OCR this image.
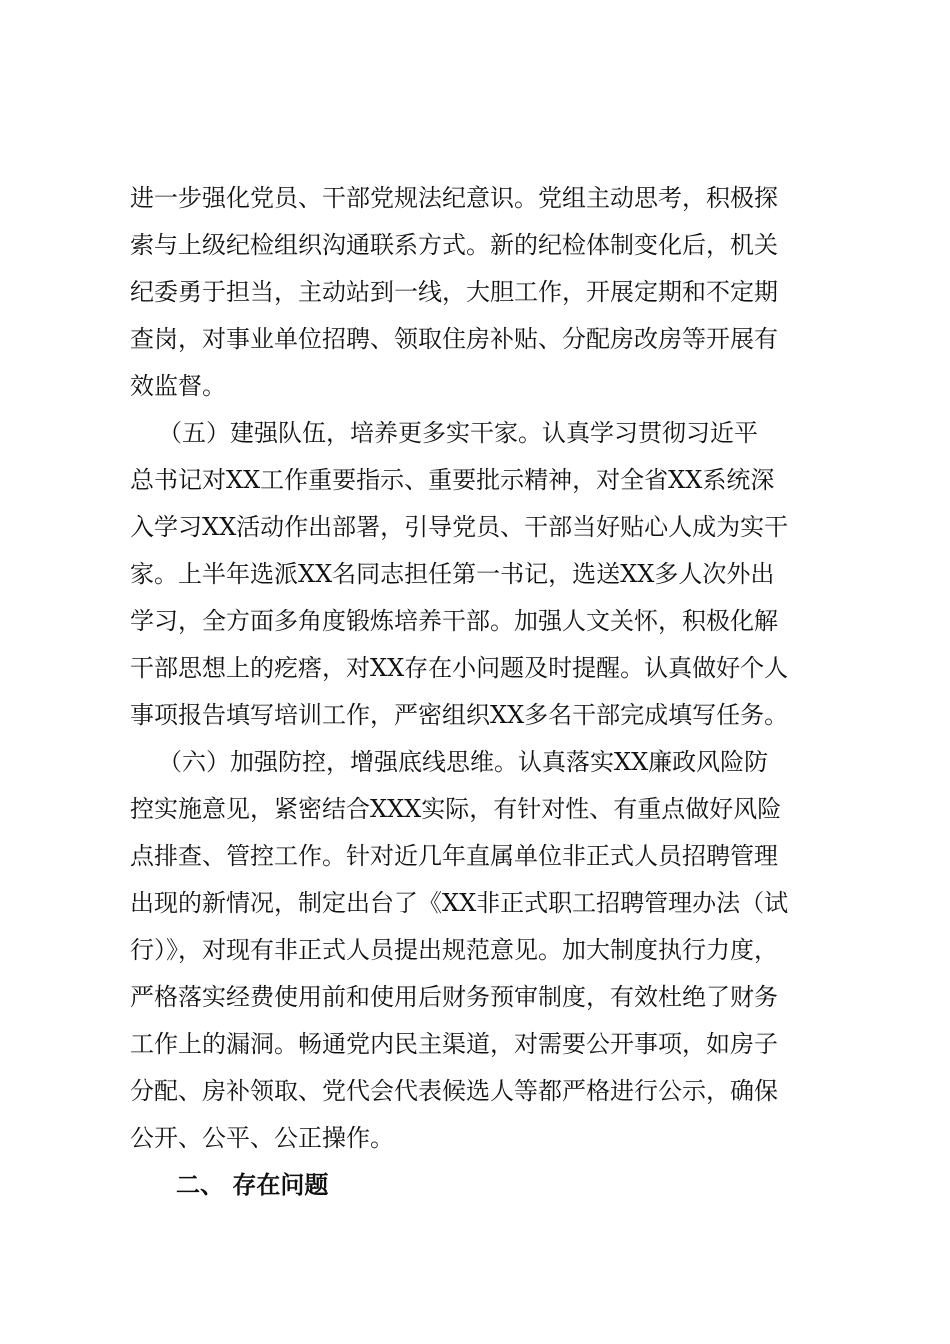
进一步强化党员、干部党规法纪意识。党组主动思考，积极探
索与上级纪检组织沟通联系方式。新的纪检体制变化后，机关
纪委勇于担当，主动站到一线，大胆工作，开展定期和不定期
查岗，对事业单位招聘、领取住房补贴、分配房改房等开展有
效监督。
（五）建强队伍，培养更多实干家。认真学习贯彻习近平
总书记对XX工作重要指示、重要批示精神，对全省XX系统深
入学习XX活动作出部署，引导党员、干部当好贴心人成为实干
家。上半年选派XX名同志担任第一书记，选送XX多人次外出
学习，全方面多角度锻炼培养干部。加强人文关怀，积极化解
干部思想上的疙瘩，对XX存在小问题及时提醒。认真做好个人
事项报告填写培训工作，严密组织XX多名干部完成填写任务。
（六）加强防控，增强底线思维。认真落实XX廉政风险防
控实施意见，紧密结合XXX实际，有针对性、有重点做好风险
点排查、管控工作。针对近几年直属单位非正式人员招聘管理
出现的新情况，制定出台了《XX非正式职工招聘管理办法（试
行）》，对现有非正式人员提出规范意见。加大制度执行力度，
严格落实经费使用前和使用后财务预审制度，有效杜绝了财务
工作上的漏洞。畅通党内民主渠道，对需要公开事项，如房子
分配、房补领取、党代会代表候选人等都严格进行公示，确保
公开、公平、公正操作。
二、 存在问题
